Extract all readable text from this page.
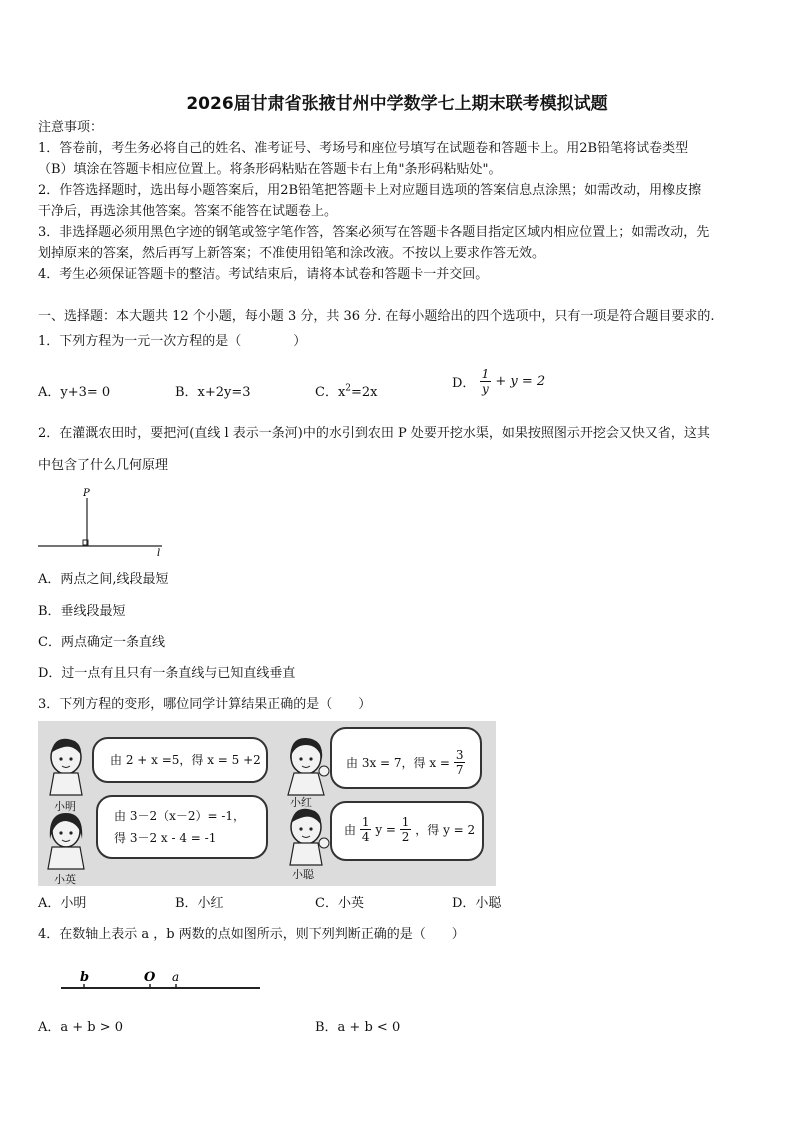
2026届甘肃省张掖甘州中学数学七上期末联考模拟试题
注意事项：
1．答卷前，考生务必将自己的姓名、准考证号、考场号和座位号填写在试题卷和答题卡上。用2B铅笔将试卷类型
（B）填涂在答题卡相应位置上。将条形码粘贴在答题卡右上角"条形码粘贴处"。
2．作答选择题时，选出每小题答案后，用2B铅笔把答题卡上对应题目选项的答案信息点涂黑；如需改动，用橡皮擦
干净后，再选涂其他答案。答案不能答在试题卷上。
3．非选择题必须用黑色字迹的钢笔或签字笔作答，答案必须写在答题卡各题目指定区域内相应位置上；如需改动，先
划掉原来的答案，然后再写上新答案；不准使用铅笔和涂改液。不按以上要求作答无效。
4．考生必须保证答题卡的整洁。考试结束后，请将本试卷和答题卡一并交回。
一、选择题：本大题共 12 个小题，每小题 3 分，共 36 分. 在每小题给出的四个选项中，只有一项是符合题目要求的.
1．下列方程为一元一次方程的是（　　　　）
A．y+3= 0	B．x+2y=3	C．$x^2=2x$
D． $\frac{1}{y} + y = 2$
2．在灌溉农田时，要把河(直线 l 表示一条河)中的水引到农田 P 处要开挖水渠，如果按照图示开挖会又快又省，这其
中包含了什么几何原理
P
l
A．两点之间,线段最短
B．垂线段最短
C．两点确定一条直线
D．过一点有且只有一条直线与已知直线垂直
3．下列方程的变形，哪位同学计算结果正确的是（　　）
小明	小红
小英	小聪
由 2 + x =5，得 x = 5 +2
由 3－2（x－2）= -1，
得 3－2 x - 4 = -1
由 3x = 7，得 $x = \frac{3}{7}$
由 $\frac{1}{4}$ $y = \frac{1}{2}$ ，得 y = 2
A．小明	B．小红	C．小英	D．小聪
4．在数轴上表示 a ，b 两数的点如图所示，则下列判断正确的是（　　）
b	O a
A．a + b > 0	B．a + b < 0
